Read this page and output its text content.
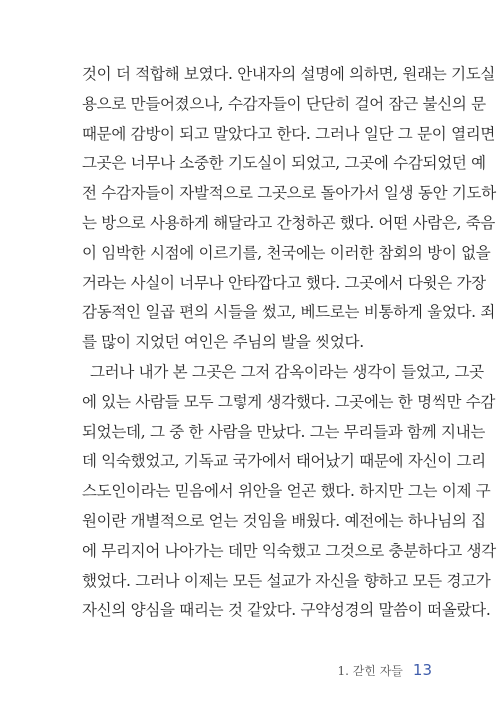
것이 더 적합해 보였다. 안내자의 설명에 의하면, 원래는 기도실
용으로 만들어졌으나, 수감자들이 단단히 걸어 잠근 불신의 문
때문에 감방이 되고 말았다고 한다. 그러나 일단 그 문이 열리면
그곳은 너무나 소중한 기도실이 되었고, 그곳에 수감되었던 예
전 수감자들이 자발적으로 그곳으로 돌아가서 일생 동안 기도하
는 방으로 사용하게 해달라고 간청하곤 했다. 어떤 사람은, 죽음
이 임박한 시점에 이르기를, 천국에는 이러한 참회의 방이 없을
거라는 사실이 너무나 안타깝다고 했다. 그곳에서 다윗은 가장
감동적인 일곱 편의 시들을 썼고, 베드로는 비통하게 울었다. 죄
를 많이 지었던 여인은 주님의 발을 씻었다.
그러나 내가 본 그곳은 그저 감옥이라는 생각이 들었고, 그곳
에 있는 사람들 모두 그렇게 생각했다. 그곳에는 한 명씩만 수감
되었는데, 그 중 한 사람을 만났다. 그는 무리들과 함께 지내는
데 익숙했었고, 기독교 국가에서 태어났기 때문에 자신이 그리
스도인이라는 믿음에서 위안을 얻곤 했다. 하지만 그는 이제 구
원이란 개별적으로 얻는 것임을 배웠다. 예전에는 하나님의 집
에 무리지어 나아가는 데만 익숙했고 그것으로 충분하다고 생각
했었다. 그러나 이제는 모든 설교가 자신을 향하고 모든 경고가
자신의 양심을 때리는 것 같았다. 구약성경의 말씀이 떠올랐다.
1. 갇힌 자들 13
